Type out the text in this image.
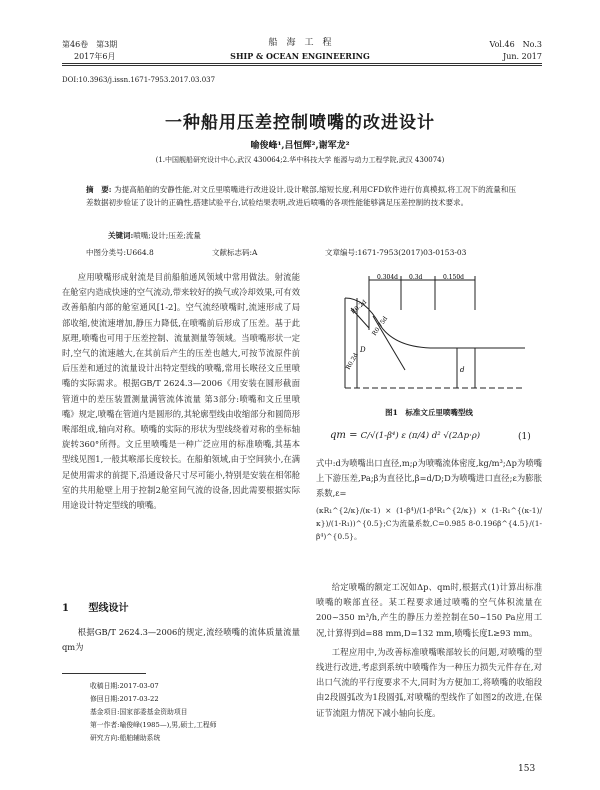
第46卷　第3期
2017年6月
船　海　工　程
SHIP & OCEAN ENGINEERING
Vol.46　No.3
Jun. 2017
DOI:10.3963/j.issn.1671-7953.2017.03.037
一种船用压差控制喷嘴的改进设计
喻俊峰¹,吕恒辉²,谢军龙²
(1.中国舰船研究设计中心,武汉 430064;2.华中科技大学 能源与动力工程学院,武汉 430074)
摘　要: 为提高船舶的安静性能,对文丘里喷嘴进行改进设计,设计喉部,缩短长度,利用CFD软件进行仿真模拟,将工况下的流量和压差数据初步验证了设计的正确性,搭建试验平台,试验结果表明,改进后喷嘴的各项性能能够满足压差控制的技术要求。
关键词:喷嘴;设计;压差;流量
中图分类号:U664.8	文献标志码:A	文章编号:1671-7953(2017)03-0153-03

应用喷嘴形成射流是目前船舶通风领域中常用做法。射流能在舱室内造成快速的空气流动,带来较好的换气或冷却效果,可有效改善船舶内部的舱室通风[1-2]。空气流经喷嘴时,流速形成了局部收缩,使流速增加,静压力降低,在喷嘴前后形成了压差。基于此原理,喷嘴也可用于压差控制、流量测量等领域。当喷嘴形状一定时,空气的流速越大,在其前后产生的压差也越大,可按节流原件前后压差和通过的流量设计出特定型线的喷嘴,常用长喉径文丘里喷嘴的实际需求。根据GB/T 2624.3—2006《用安装在圆形截面管道中的差压装置测量满管流体流量 第3部分:喷嘴和文丘里喷嘴》规定,喷嘴在管道内是圆形的,其轮廓型线由收缩部分和圆筒形喉部组成,轴向对称。喷嘴的实际的形状为型线绕着对称的坐标轴旋转360°所得。文丘里喷嘴是一种广泛应用的标准喷嘴,其基本型线见图1,一般其喉部长度较长。在船舶领域,由于空间狭小,在满足使用需求的前提下,沿通设备尺寸尽可能小,特别是安装在相邻舱室的共用舱壁上用于控制2舱室间气流的设备,因此需要根据实际用途设计特定型线的喷嘴。

1 型线设计
根据GB/T 2624.3—2006的规定,流经喷嘴的流体质量流量qm为
收稿日期:2017-03-07
修回日期:2017-03-22
基金项目:国家部委基金资助项目
第一作者:喻俊峰(1985—),男,硕士,工程师
研究方向:船舶辅助系统
0.304d 0.3d	0.150d
R0.2d
R0.75d
R0.2d
D
d
图1　标准文丘里喷嘴型线
qm = C/√(1-β⁴) ε (π/4) d² √(2Δp·ρ)	(1)

式中:d为喷嘴出口直径,m;ρ为喷嘴流体密度,kg/m³;Δp为喷嘴上下游压差,Pa;β为直径比,β=d/D;D为喷嘴进口直径;ε为膨胀系数,ε=

(κR₁^{2/κ}/(κ-1) × (1-β⁴)/(1-β⁴R₁^{2/κ}) × (1-R₁^{(κ-1)/κ})/(1-R₁))^{0.5};C为流量系数,C=0.985 8-0.196β^{4.5}/(1-β⁴)^{0.5}。

给定喷嘴的额定工况如Δp、qm时,根据式(1)计算出标准喷嘴的喉部直径。某工程要求通过喷嘴的空气体积流量在200~350 m³/h,产生的静压力差控制在50~150 Pa应用工况,计算得到d=88 mm,D=132 mm,喷嘴长度L≥93 mm。

工程应用中,为改善标准喷嘴喉部较长的问题,对喷嘴的型线进行改进,考虑到系统中喷嘴作为一种压力损失元件存在,对出口气流的平行度要求不大,同时为方便加工,将喷嘴的收缩段由2段圆弧改为1段圆弧,对喷嘴的型线作了如图2的改进,在保证节流阻力情况下减小轴向长度。

153
